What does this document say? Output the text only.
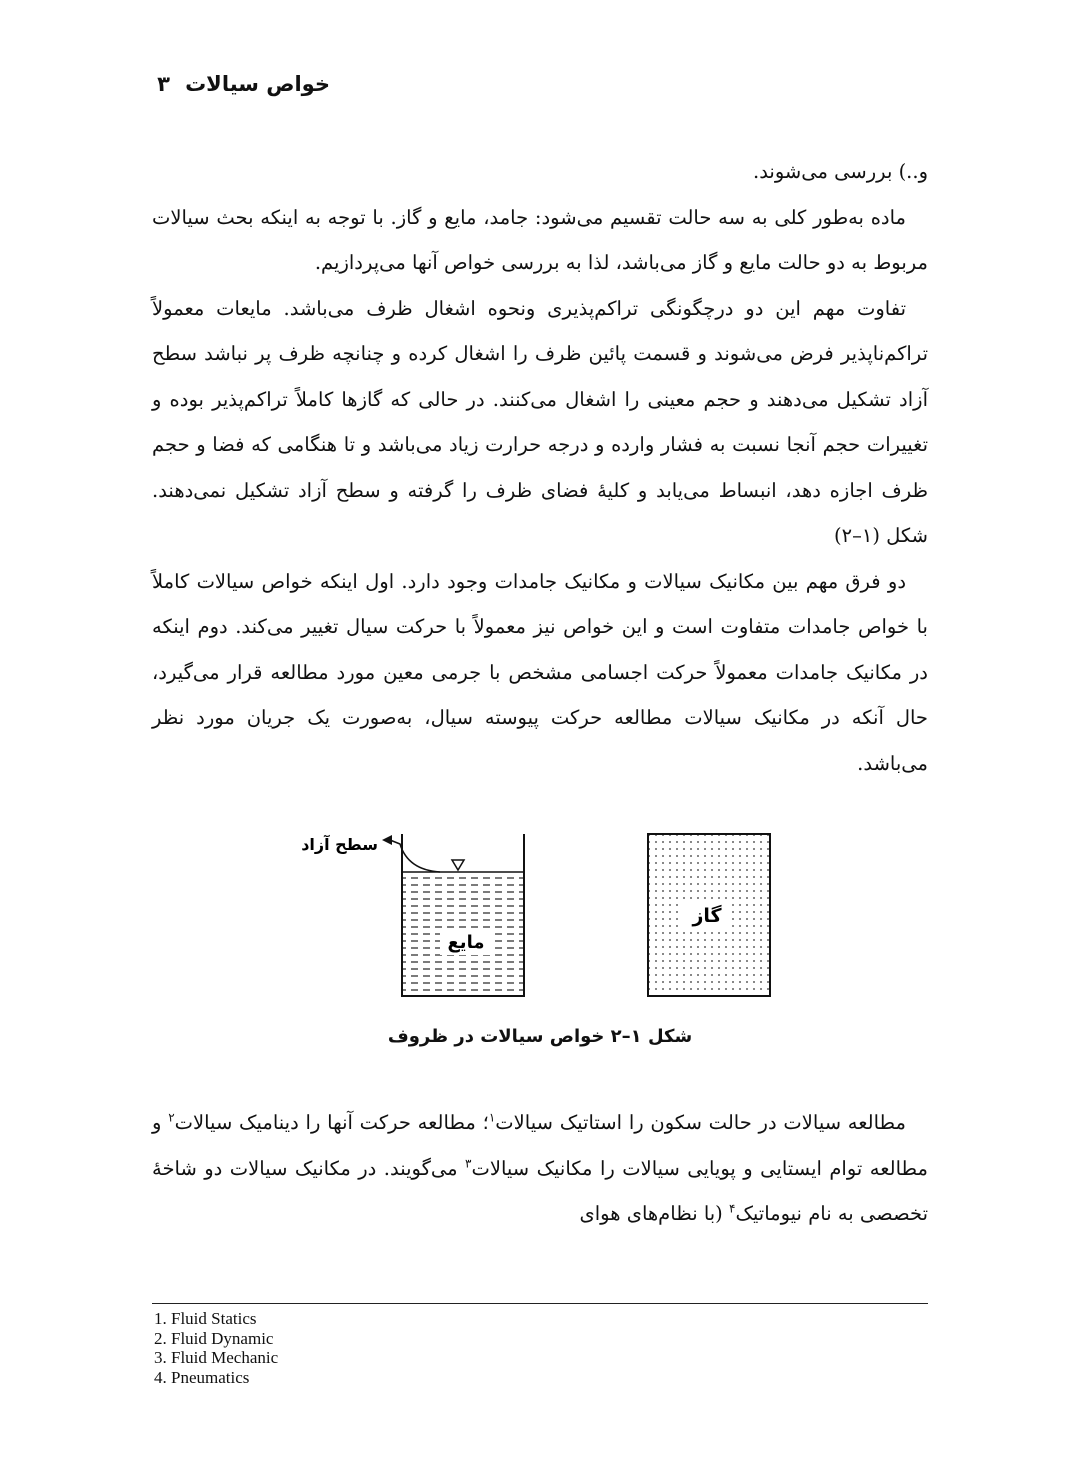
خواص سیالات
۳

و..) بررسی می‌شوند.

ماده به‌طور کلی به سه حالت تقسیم می‌شود: جامد، مایع و گاز. با توجه به اینکه بحث سیالات مربوط به دو حالت مایع و گاز می‌باشد، لذا به بررسی خواص آنها می‌پردازیم.

تفاوت مهم این دو درچگونگی تراکم‌پذیری ونحوه اشغال ظرف می‌باشد. مایعات معمولاً تراکم‌ناپذیر فرض می‌شوند و قسمت پائین ظرف را اشغال کرده و چنانچه ظرف پر نباشد سطح آزاد تشکیل می‌دهند و حجم معینی را اشغال می‌کنند. در حالی که گازها کاملاً تراکم‌پذیر بوده و تغییرات حجم آنجا نسبت به فشار وارده و درجه حرارت زیاد می‌باشد و تا هنگامی که فضا و حجم ظرف اجازه دهد، انبساط می‌یابد و کلیهٔ فضای ظرف را گرفته و سطح آزاد تشکیل نمی‌دهند. شکل (۱–۲)

دو فرق مهم بین مکانیک سیالات و مکانیک جامدات وجود دارد. اول اینکه خواص سیالات کاملاً با خواص جامدات متفاوت است و این خواص نیز معمولاً با حرکت سیال تغییر می‌کند. دوم اینکه در مکانیک جامدات معمولاً حرکت اجسامی مشخص با جرمی معین مورد مطالعه قرار می‌گیرد، حال آنکه در مکانیک سیالات مطالعه حرکت پیوسته سیال، به‌صورت یک جریان مورد نظر می‌باشد.

مایع
سطح آزاد
گاز
شکل ۱–۲ خواص سیالات در ظروف

مطالعه سیالات در حالت سکون را استاتیک سیالات$^۱$؛ مطالعه حرکت آنها را دینامیک سیالات$^۲$ و مطالعه توام ایستایی و پویایی سیالات را مکانیک سیالات$^۳$ می‌گویند. در مکانیک سیالات دو شاخهٔ تخصصی به نام نیوماتیک$^۴$ (با نظام‌های هوای

1. Fluid Statics
2. Fluid Dynamic
3. Fluid Mechanic
4. Pneumatics
